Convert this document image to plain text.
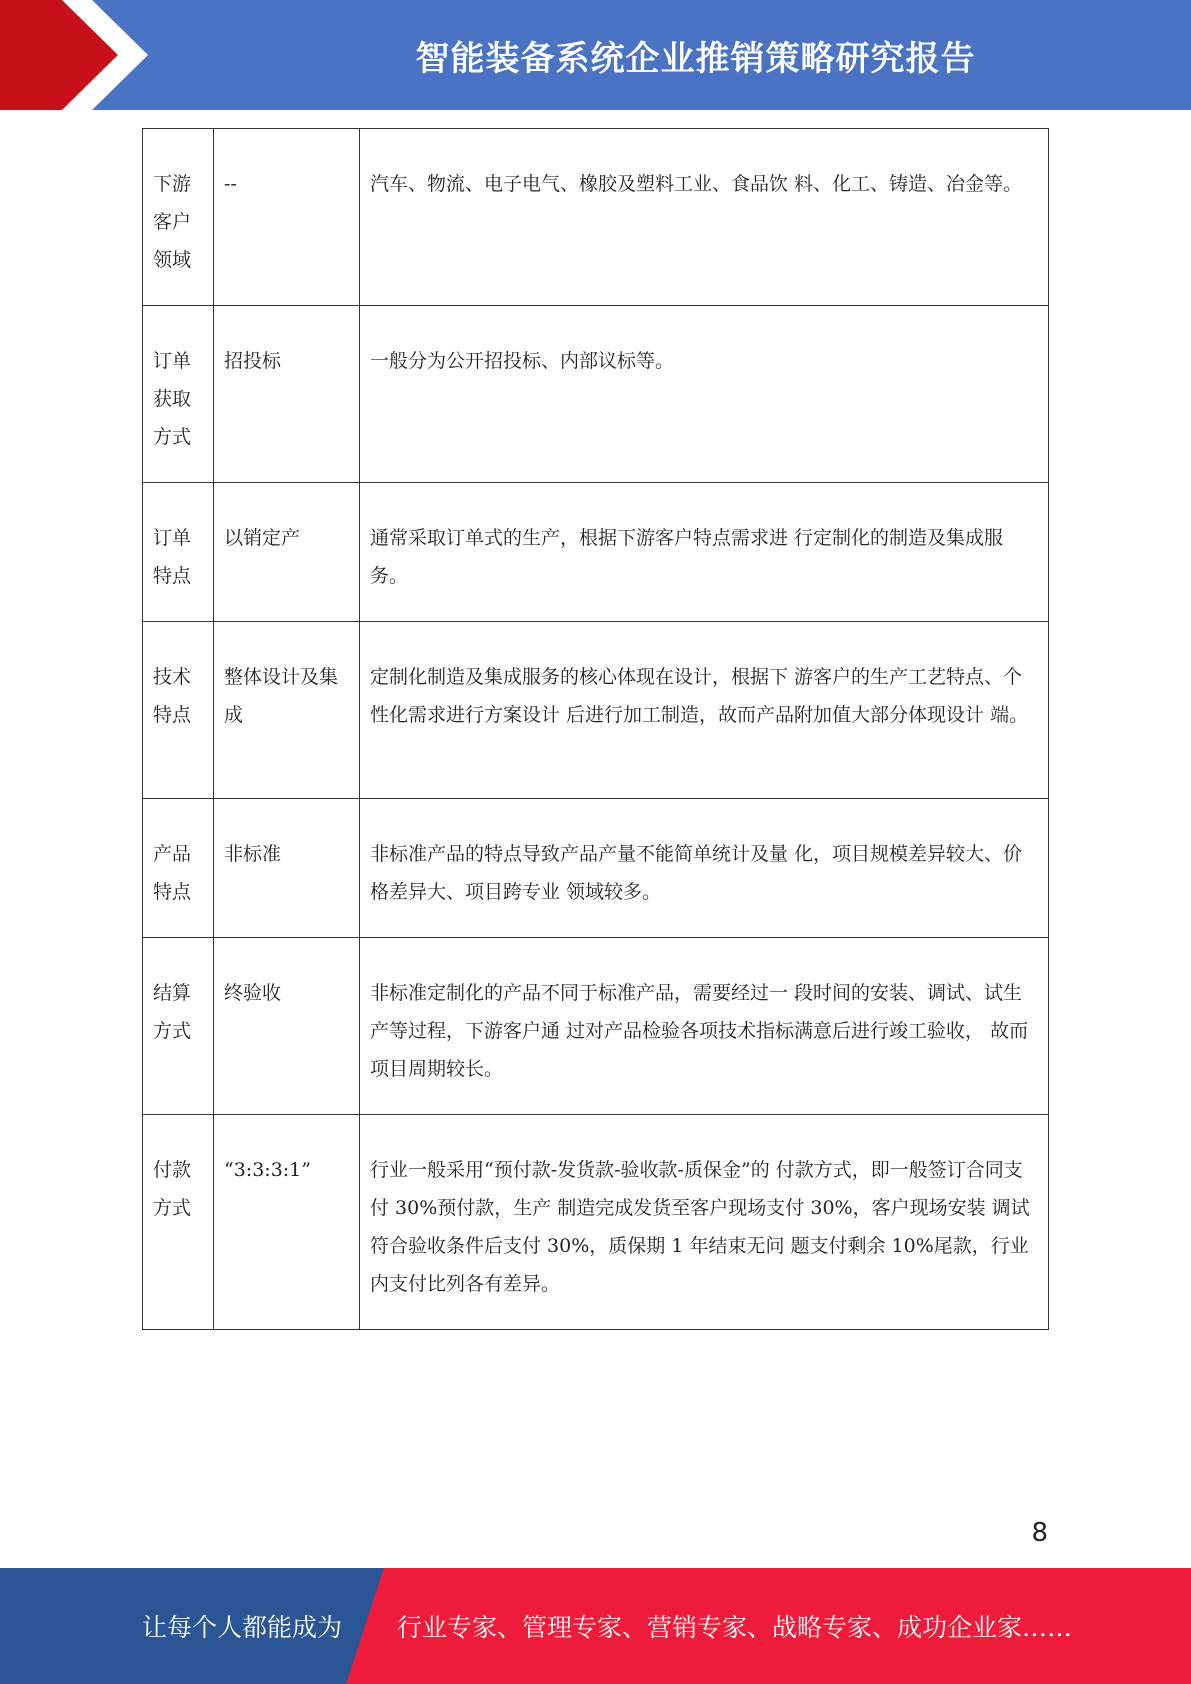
智能装备系统企业推销策略研究报告
下游客户领域	--	汽车、物流、电子电气、橡胶及塑料工业、食品饮 料、化工、铸造、冶金等。

订单获取方式	招投标	一般分为公开招投标、内部议标等。

订单特点	以销定产	通常采取订单式的生产，根据下游客户特点需求进 行定制化的制造及集成服务。

技术特点	整体设计及集成	定制化制造及集成服务的核心体现在设计，根据下 游客户的生产工艺特点、个性化需求进行方案设计 后进行加工制造，故而产品附加值大部分体现设计 端。

产品特点	非标准	非标准产品的特点导致产品产量不能简单统计及量 化，项目规模差异较大、价格差异大、项目跨专业 领域较多。

结算方式	终验收	非标准定制化的产品不同于标准产品，需要经过一 段时间的安装、调试、试生产等过程，下游客户通 过对产品检验各项技术指标满意后进行竣工验收， 故而项目周期较长。

付款方式	“3:3:3:1”	行业一般采用“预付款-发货款-验收款-质保金”的 付款方式，即一般签订合同支付 30%预付款，生产 制造完成发货至客户现场支付 30%，客户现场安装 调试符合验收条件后支付 30%，质保期 1 年结束无问 题支付剩余 10%尾款，行业内支付比列各有差异。
8
让每个人都能成为 行业专家、管理专家、营销专家、战略专家、成功企业家……
